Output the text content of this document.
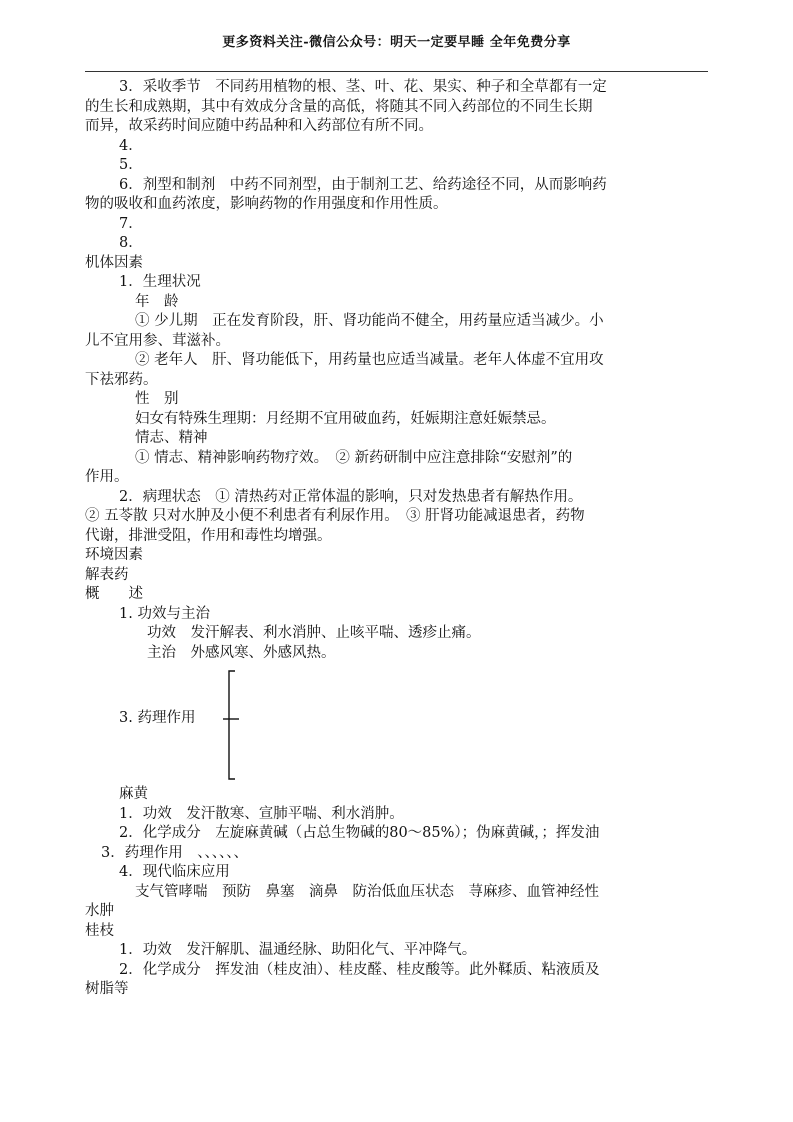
更多资料关注-微信公众号：明天一定要早睡 全年免费分享

3．采收季节　不同药用植物的根、茎、叶、花、果实、种子和全草都有一定

的生长和成熟期，其中有效成分含量的高低，将随其不同入药部位的不同生长期

而异，故采药时间应随中药品种和入药部位有所不同。

4．

5．

6．剂型和制剂　中药不同剂型，由于制剂工艺、给药途径不同，从而影响药

物的吸收和血药浓度，影响药物的作用强度和作用性质。

7．

8．

机体因素

1．生理状况

年　龄

① 少儿期　正在发育阶段，肝、肾功能尚不健全，用药量应适当减少。小

儿不宜用参、茸滋补。

② 老年人　肝、肾功能低下，用药量也应适当减量。老年人体虚不宜用攻

下祛邪药。

性　别

妇女有特殊生理期：月经期不宜用破血药，妊娠期注意妊娠禁忌。

情志、精神

① 情志、精神影响药物疗效。　② 新药研制中应注意排除“安慰剂”的

作用。

2．病理状态　① 清热药对正常体温的影响，只对发热患者有解热作用。

② 五苓散 只对水肿及小便不利患者有利尿作用。　③ 肝肾功能减退患者，药物

代谢，排泄受阻，作用和毒性均增强。

环境因素

解表药

概　　述

1. 功效与主治

功效　发汗解表、利水消肿、止咳平喘、透疹止痛。

主治　外感风寒、外感风热。

3. 药理作用

麻黄

1．功效　发汗散寒、宣肺平喘、利水消肿。

2．化学成分　左旋麻黄碱（占总生物碱的80～85%）；伪麻黄碱，；挥发油

3．药理作用　、、、、、、

4．现代临床应用

支气管哮喘　预防　鼻塞　滴鼻　防治低血压状态　荨麻疹、血管神经性

水肿

桂枝

1．功效　发汗解肌、温通经脉、助阳化气、平冲降气。

2．化学成分　挥发油（桂皮油）、桂皮醛、桂皮酸等。此外鞣质、粘液质及

树脂等
